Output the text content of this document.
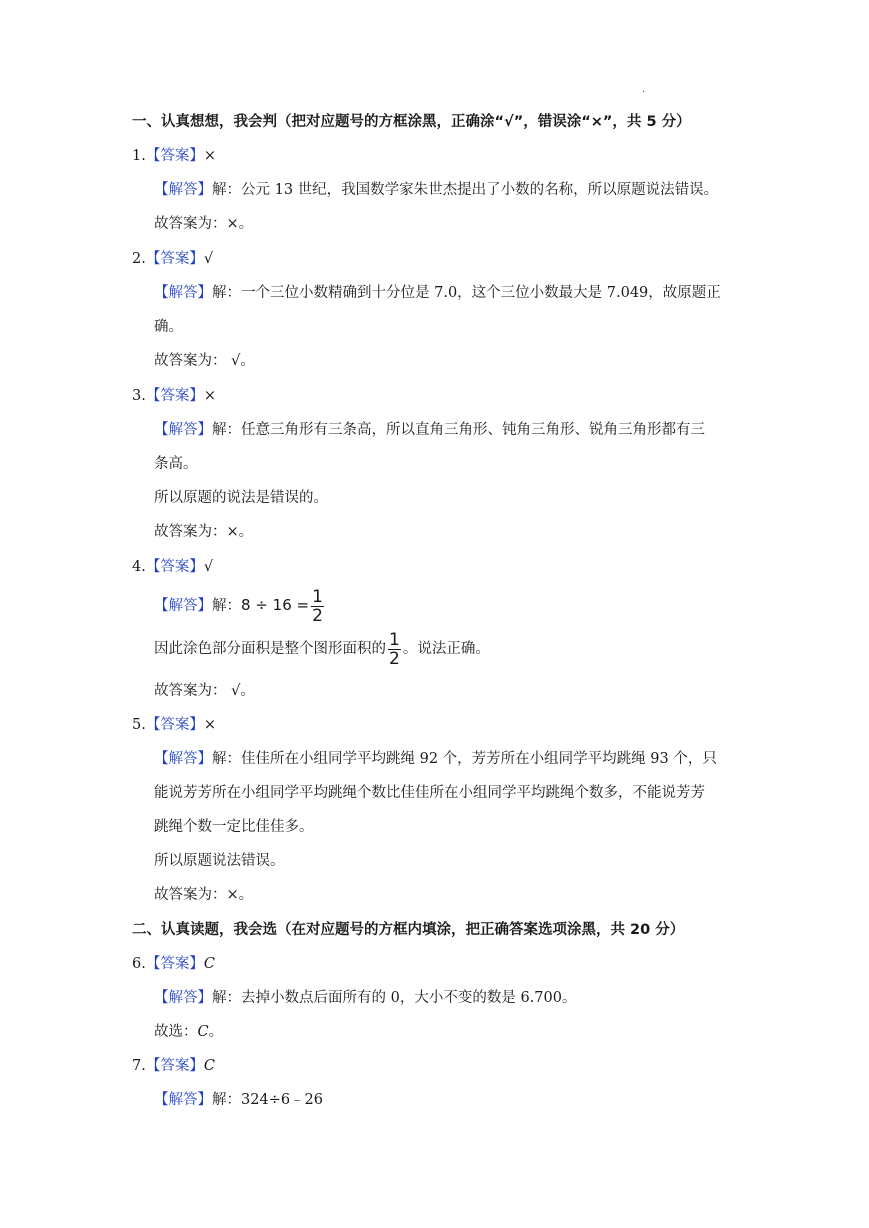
.
一、认真想想，我会判（把对应题号的方框涂黑，正确涂“√”，错误涂“×”，共 5 分）
1.【答案】×
【解答】解：公元 13 世纪，我国数学家朱世杰提出了小数的名称，所以原题说法错误。
故答案为：×。
2.【答案】√
【解答】解：一个三位小数精确到十分位是 7.0，这个三位小数最大是 7.049，故原题正
确。
故答案为： √。
3.【答案】×
【解答】解：任意三角形有三条高，所以直角三角形、钝角三角形、锐角三角形都有三
条高。
所以原题的说法是错误的。
故答案为：×。
4.【答案】√
【解答】解：$8 \div 16 = \frac{1}{2}$
因此涂色部分面积是整个图形面积的 $\frac{1}{2}$ 。说法正确。
故答案为： √。
5.【答案】×
【解答】解：佳佳所在小组同学平均跳绳 92 个，芳芳所在小组同学平均跳绳 93 个，只
能说芳芳所在小组同学平均跳绳个数比佳佳所在小组同学平均跳绳个数多，不能说芳芳
跳绳个数一定比佳佳多。
所以原题说法错误。
故答案为：×。
二、认真读题，我会选（在对应题号的方框内填涂，把正确答案选项涂黑，共 20 分）
6.【答案】C
【解答】解：去掉小数点后面所有的 0，大小不变的数是 6.700。
故选：C。
7.【答案】C
【解答】解：324÷6﹣26
